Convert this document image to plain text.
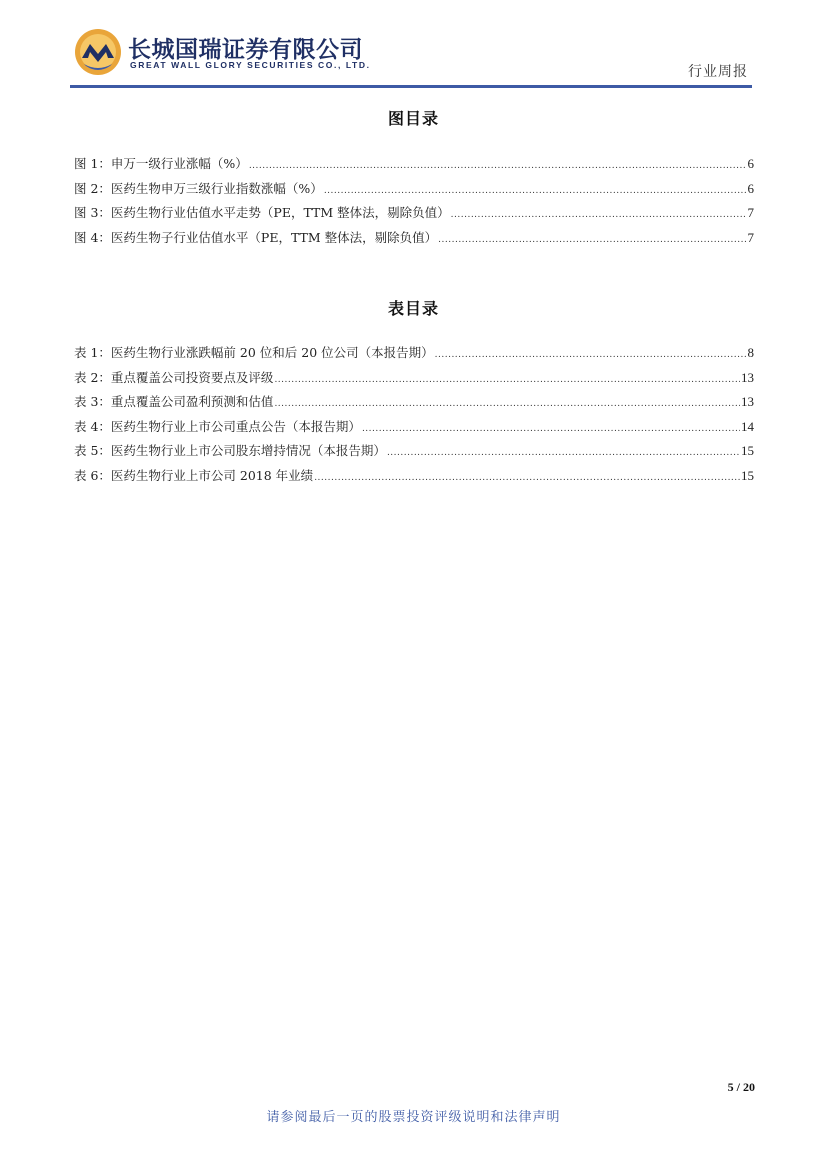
长城国瑞证券有限公司
GREAT WALL GLORY SECURITIES CO., LTD.	行业周报
图目录
图 1：申万一级行业涨幅（%） .....	6
图 2：医药生物申万三级行业指数涨幅（%） .....	6
图 3：医药生物行业估值水平走势（PE，TTM 整体法，剔除负值） .....	7
图 4：医药生物子行业估值水平（PE，TTM 整体法，剔除负值） .....	7
表目录
表 1：医药生物行业涨跌幅前 20 位和后 20 位公司（本报告期） .....	8
表 2：重点覆盖公司投资要点及评级 .....	13
表 3：重点覆盖公司盈利预测和估值 .....	13
表 4：医药生物行业上市公司重点公告（本报告期） .....	14
表 5：医药生物行业上市公司股东增持情况（本报告期） .....	15
表 6：医药生物行业上市公司 2018 年业绩 .....	15
5 / 20
请参阅最后一页的股票投资评级说明和法律声明
